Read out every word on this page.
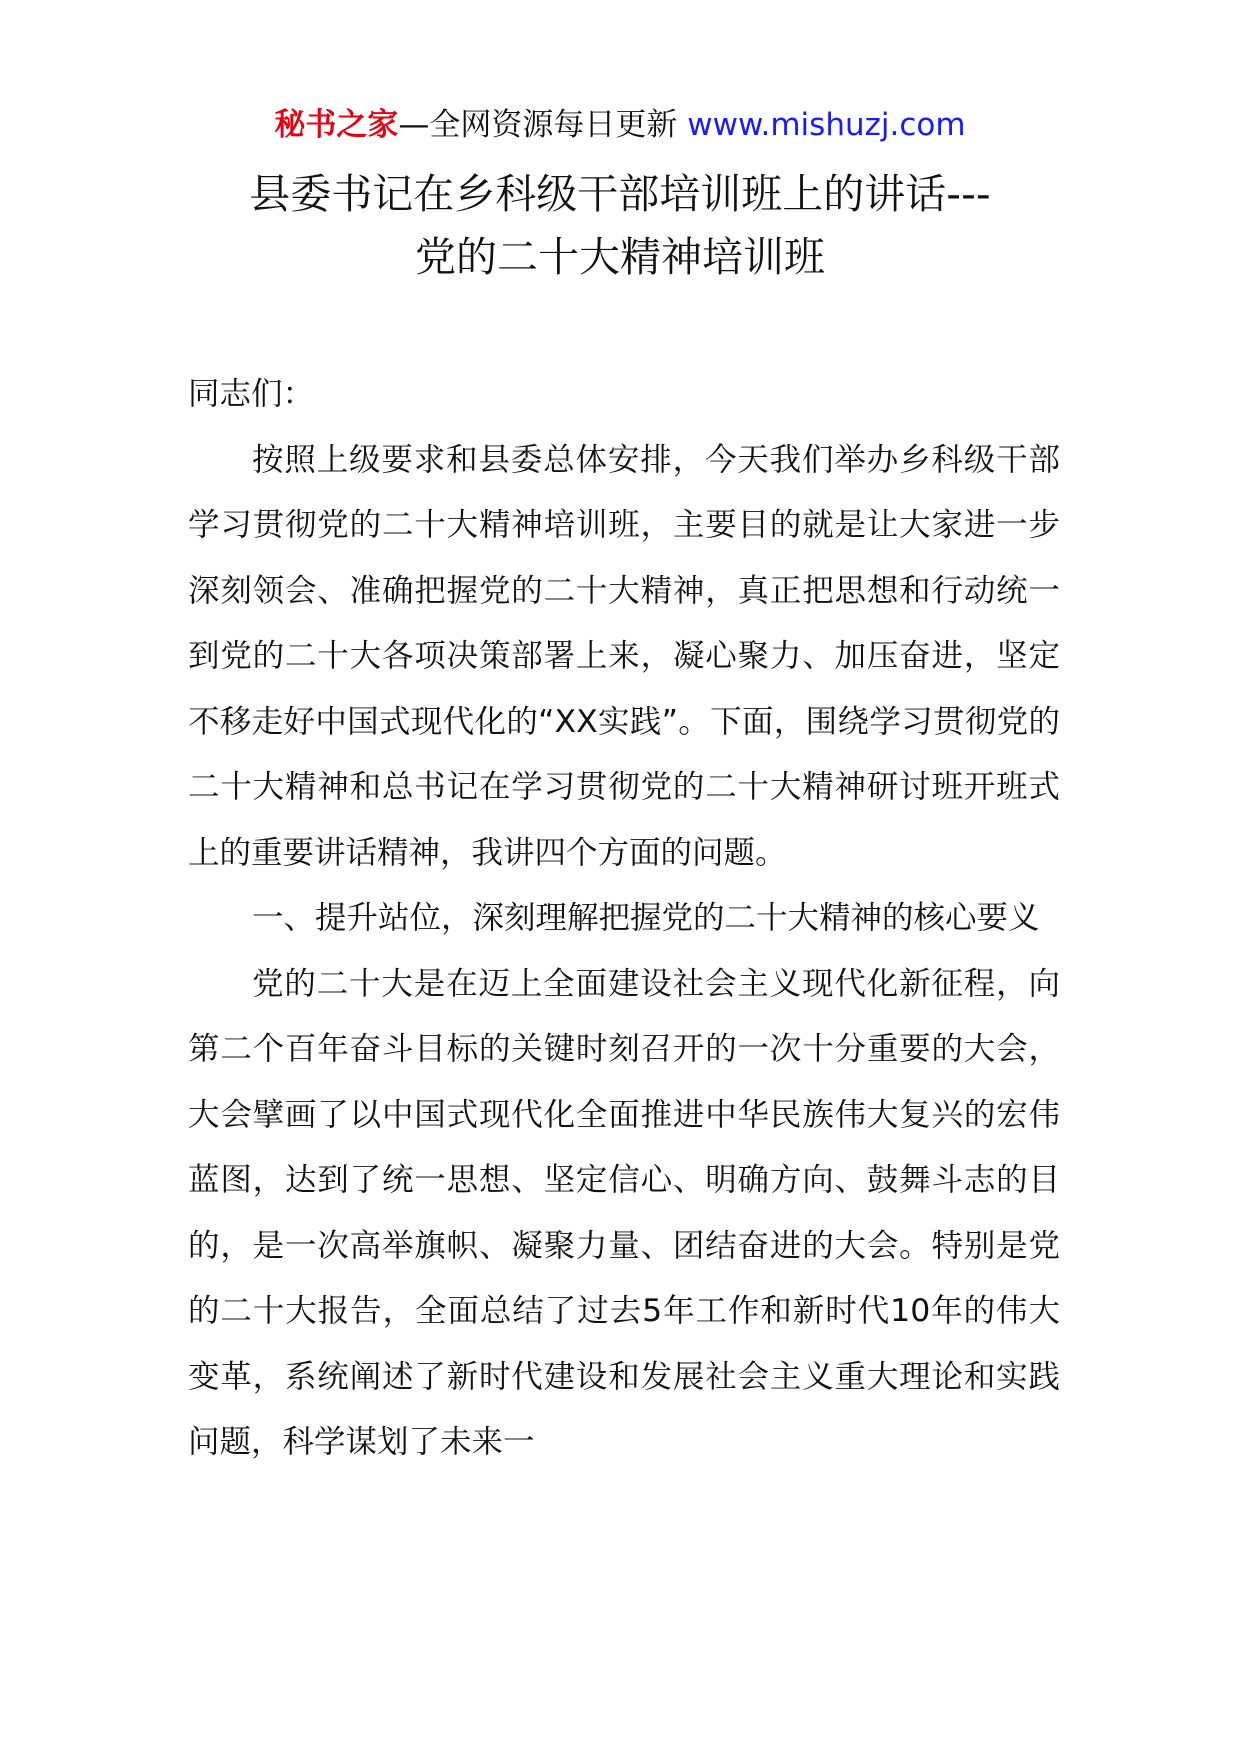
秘书之家—全网资源每日更新 www.mishuzj.com
县委书记在乡科级干部培训班上的讲话---
党的二十大精神培训班

同志们：

按照上级要求和县委总体安排，今天我们举办乡科级干部学习贯彻党的二十大精神培训班，主要目的就是让大家进一步深刻领会、准确把握党的二十大精神，真正把思想和行动统一到党的二十大各项决策部署上来，凝心聚力、加压奋进，坚定不移走好中国式现代化的“XX实践”。下面，围绕学习贯彻党的二十大精神和总书记在学习贯彻党的二十大精神研讨班开班式上的重要讲话精神，我讲四个方面的问题。

一、提升站位，深刻理解把握党的二十大精神的核心要义

党的二十大是在迈上全面建设社会主义现代化新征程，向第二个百年奋斗目标的关键时刻召开的一次十分重要的大会，大会擘画了以中国式现代化全面推进中华民族伟大复兴的宏伟蓝图，达到了统一思想、坚定信心、明确方向、鼓舞斗志的目的，是一次高举旗帜、凝聚力量、团结奋进的大会。特别是党的二十大报告，全面总结了过去5年工作和新时代10年的伟大变革，系统阐述了新时代建设和发展社会主义重大理论和实践问题，科学谋划了未来一
